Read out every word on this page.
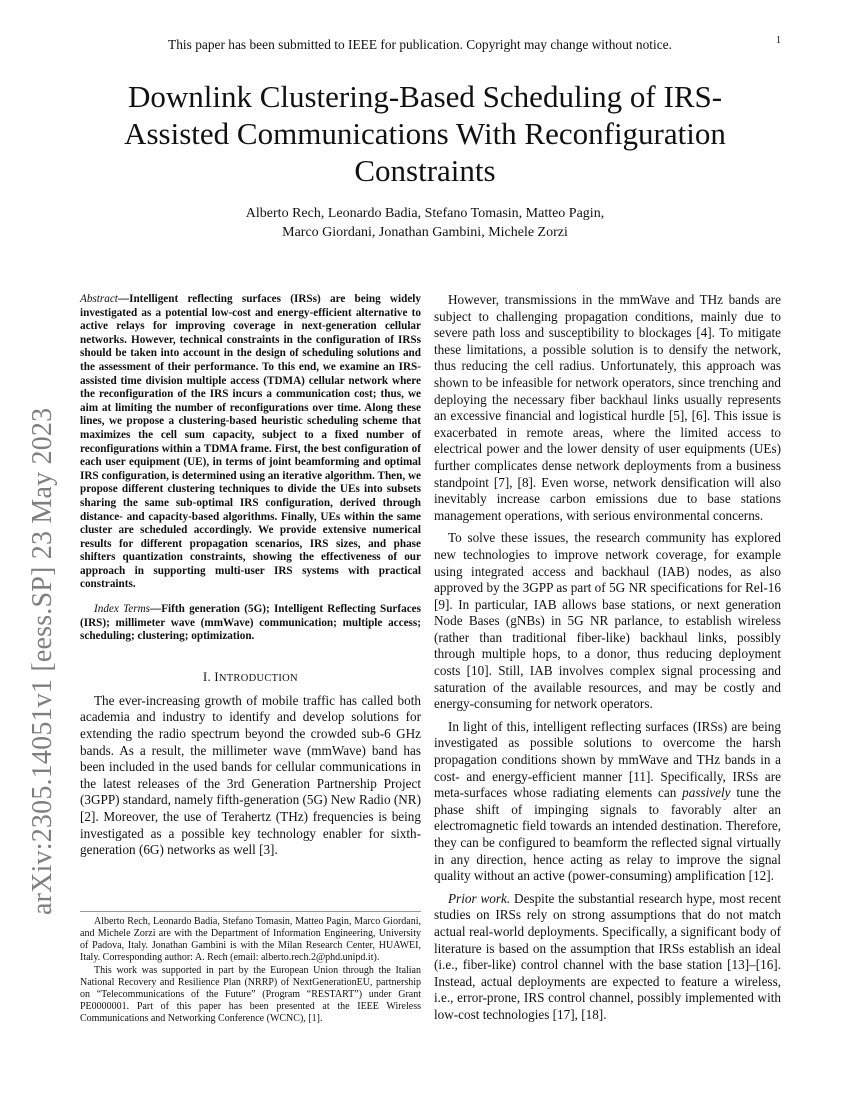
This paper has been submitted to IEEE for publication. Copyright may change without notice.	1
Downlink Clustering-Based Scheduling of IRS-Assisted Communications With Reconfiguration Constraints
Alberto Rech, Leonardo Badia, Stefano Tomasin, Matteo Pagin,
Marco Giordani, Jonathan Gambini, Michele Zorzi
arXiv:2305.14051v1 [eess.SP] 23 May 2023

Abstract—Intelligent reflecting surfaces (IRSs) are being widely investigated as a potential low-cost and energy-efficient alternative to active relays for improving coverage in next-generation cellular networks. However, technical constraints in the configuration of IRSs should be taken into account in the design of scheduling solutions and the assessment of their performance. To this end, we examine an IRS-assisted time division multiple access (TDMA) cellular network where the reconfiguration of the IRS incurs a communication cost; thus, we aim at limiting the number of reconfigurations over time. Along these lines, we propose a clustering-based heuristic scheduling scheme that maximizes the cell sum capacity, subject to a fixed number of reconfigurations within a TDMA frame. First, the best configuration of each user equipment (UE), in terms of joint beamforming and optimal IRS configuration, is determined using an iterative algorithm. Then, we propose different clustering techniques to divide the UEs into subsets sharing the same sub-optimal IRS configuration, derived through distance- and capacity-based algorithms. Finally, UEs within the same cluster are scheduled accordingly. We provide extensive numerical results for different propagation scenarios, IRS sizes, and phase shifters quantization constraints, showing the effectiveness of our approach in supporting multi-user IRS systems with practical constraints.

Index Terms—Fifth generation (5G); Intelligent Reflecting Surfaces (IRS); millimeter wave (mmWave) communication; multiple access; scheduling; clustering; optimization.

I. INTRODUCTION

The ever-increasing growth of mobile traffic has called both academia and industry to identify and develop solutions for extending the radio spectrum beyond the crowded sub-6 GHz bands. As a result, the millimeter wave (mmWave) band has been included in the used bands for cellular communications in the latest releases of the 3rd Generation Partnership Project (3GPP) standard, namely fifth-generation (5G) New Radio (NR) [2]. Moreover, the use of Terahertz (THz) frequencies is being investigated as a possible key technology enabler for sixth-generation (6G) networks as well [3].

Alberto Rech, Leonardo Badia, Stefano Tomasin, Matteo Pagin, Marco Giordani, and Michele Zorzi are with the Department of Information Engineering, University of Padova, Italy. Jonathan Gambini is with the Milan Research Center, HUAWEI, Italy. Corresponding author: A. Rech (email: alberto.rech.2@phd.unipd.it).

This work was supported in part by the European Union through the Italian National Recovery and Resilience Plan (NRRP) of NextGenerationEU, partnership on “Telecommunications of the Future” (Program “RESTART”) under Grant PE0000001. Part of this paper has been presented at the IEEE Wireless Communications and Networking Conference (WCNC), [1].

However, transmissions in the mmWave and THz bands are subject to challenging propagation conditions, mainly due to severe path loss and susceptibility to blockages [4]. To mitigate these limitations, a possible solution is to densify the network, thus reducing the cell radius. Unfortunately, this approach was shown to be infeasible for network operators, since trenching and deploying the necessary fiber backhaul links usually represents an excessive financial and logistical hurdle [5], [6]. This issue is exacerbated in remote areas, where the limited access to electrical power and the lower density of user equipments (UEs) further complicates dense network deployments from a business standpoint [7], [8]. Even worse, network densification will also inevitably increase carbon emissions due to base stations management operations, with serious environmental concerns.

To solve these issues, the research community has explored new technologies to improve network coverage, for example using integrated access and backhaul (IAB) nodes, as also approved by the 3GPP as part of 5G NR specifications for Rel-16 [9]. In particular, IAB allows base stations, or next generation Node Bases (gNBs) in 5G NR parlance, to establish wireless (rather than traditional fiber-like) backhaul links, possibly through multiple hops, to a donor, thus reducing deployment costs [10]. Still, IAB involves complex signal processing and saturation of the available resources, and may be costly and energy-consuming for network operators.

In light of this, intelligent reflecting surfaces (IRSs) are being investigated as possible solutions to overcome the harsh propagation conditions shown by mmWave and THz bands in a cost- and energy-efficient manner [11]. Specifically, IRSs are meta-surfaces whose radiating elements can passively tune the phase shift of impinging signals to favorably alter an electromagnetic field towards an intended destination. Therefore, they can be configured to beamform the reflected signal virtually in any direction, hence acting as relay to improve the signal quality without an active (power-consuming) amplification [12].

Prior work. Despite the substantial research hype, most recent studies on IRSs rely on strong assumptions that do not match actual real-world deployments. Specifically, a significant body of literature is based on the assumption that IRSs establish an ideal (i.e., fiber-like) control channel with the base station [13]–[16]. Instead, actual deployments are expected to feature a wireless, i.e., error-prone, IRS control channel, possibly implemented with low-cost technologies [17], [18].
